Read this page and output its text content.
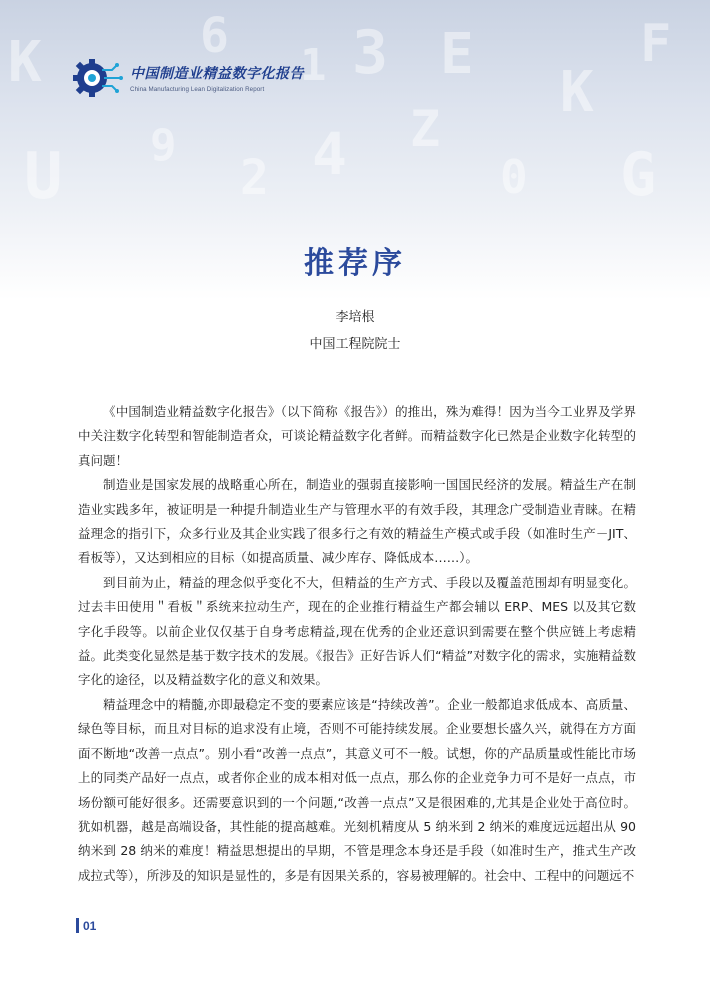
K	6 3
Z
U
1 E
4
2
K
9
F
0 G
中国制造业精益数字化报告
China Manufacturing Lean Digitalization Report
推荐序
李培根
中国工程院院士

《中国制造业精益数字化报告》（以下简称《报告》）的推出，殊为难得！因为当今工业界及学界中关注数字化转型和智能制造者众，可谈论精益数字化者鲜。而精益数字化已然是企业数字化转型的真问题！

制造业是国家发展的战略重心所在，制造业的强弱直接影响一国国民经济的发展。精益生产在制造业实践多年，被证明是一种提升制造业生产与管理水平的有效手段，其理念广受制造业青睐。在精益理念的指引下，众多行业及其企业实践了很多行之有效的精益生产模式或手段（如准时生产－JIT、看板等），又达到相应的目标（如提高质量、减少库存、降低成本……）。

到目前为止，精益的理念似乎变化不大，但精益的生产方式、手段以及覆盖范围却有明显变化。过去丰田使用＂看板＂系统来拉动生产，现在的企业推行精益生产都会辅以 ERP、MES 以及其它数字化手段等。以前企业仅仅基于自身考虑精益,现在优秀的企业还意识到需要在整个供应链上考虑精益。此类变化显然是基于数字技术的发展。《报告》正好告诉人们“精益”对数字化的需求，实施精益数字化的途径，以及精益数字化的意义和效果。

精益理念中的精髓,亦即最稳定不变的要素应该是“持续改善”。企业一般都追求低成本、高质量、绿色等目标，而且对目标的追求没有止境，否则不可能持续发展。企业要想长盛久兴，就得在方方面面不断地“改善一点点”。别小看“改善一点点”，其意义可不一般。试想，你的产品质量或性能比市场上的同类产品好一点点，或者你企业的成本相对低一点点，那么你的企业竞争力可不是好一点点，市场份额可能好很多。还需要意识到的一个问题,“改善一点点”又是很困难的,尤其是企业处于高位时。犹如机器，越是高端设备，其性能的提高越难。光刻机精度从 5 纳米到 2 纳米的难度远远超出从 90 纳米到 28 纳米的难度！精益思想提出的早期，不管是理念本身还是手段（如准时生产，推式生产改成拉式等），所涉及的知识是显性的，多是有因果关系的，容易被理解的。社会中、工程中的问题远不

01
